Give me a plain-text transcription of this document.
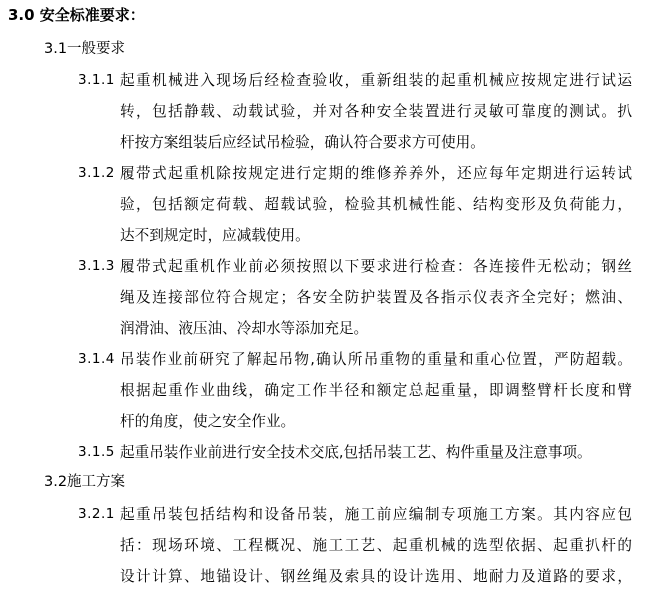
3.0 安全标准要求：
3.1一般要求
3.1.1 起重机械进入现场后经检查验收，重新组装的起重机械应按规定进行试运
转，包括静载、动载试验，并对各种安全装置进行灵敏可靠度的测试。扒
杆按方案组装后应经试吊检验，确认符合要求方可使用。
3.1.2 履带式起重机除按规定进行定期的维修养养外，还应每年定期进行运转试
验，包括额定荷载、超载试验，检验其机械性能、结构变形及负荷能力，
达不到规定时，应减载使用。
3.1.3 履带式起重机作业前必须按照以下要求进行检查：各连接件无松动；钢丝
绳及连接部位符合规定；各安全防护装置及各指示仪表齐全完好；燃油、
润滑油、液压油、冷却水等添加充足。
3.1.4 吊装作业前研究了解起吊物,确认所吊重物的重量和重心位置，严防超载。
根据起重作业曲线，确定工作半径和额定总起重量，即调整臂杆长度和臂
杆的角度，使之安全作业。
3.1.5 起重吊装作业前进行安全技术交底,包括吊装工艺、构件重量及注意事项。
3.2施工方案
3.2.1 起重吊装包括结构和设备吊装，施工前应编制专项施工方案。其内容应包
括：现场环境、工程概况、施工工艺、起重机械的选型依据、起重扒杆的
设计计算、地锚设计、钢丝绳及索具的设计选用、地耐力及道路的要求，
